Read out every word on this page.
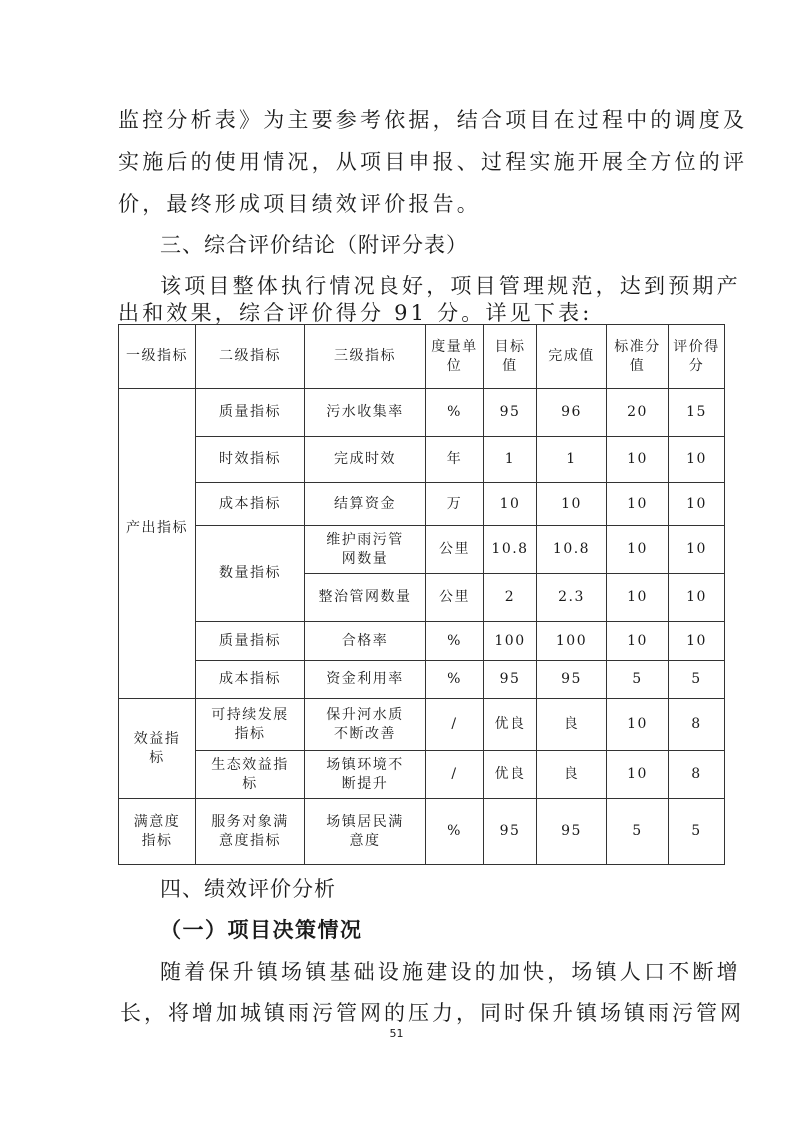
监控分析表》为主要参考依据，结合项目在过程中的调度及
实施后的使用情况，从项目申报、过程实施开展全方位的评
价，最终形成项目绩效评价报告。
三、综合评价结论（附评分表）
该项目整体执行情况良好，项目管理规范，达到预期产
出和效果，综合评价得分 91 分。详见下表:
一级指标	二级指标	三级指标	度量单位	目标值	完成值	标准分值	评价得分
产出指标	质量指标	污水收集率	%	95	96	20	15
	时效指标	完成时效	年	1	1	10	10
	成本指标	结算资金	万	10	10	10	10
	数量指标	维护雨污管网数量	公里	10.8	10.8	10	10
		整治管网数量	公里	2	2.3	10	10
	质量指标	合格率	%	100	100	10	10
	成本指标	资金利用率	%	95	95	5	5
效益指标	可持续发展指标	保升河水质不断改善	/	优良	良	10	8
	生态效益指标	场镇环境不断提升	/	优良	良	10	8
满意度指标	服务对象满意度指标	场镇居民满意度	%	95	95	5	5
四、绩效评价分析
（一）项目决策情况
随着保升镇场镇基础设施建设的加快，场镇人口不断增
长，将增加城镇雨污管网的压力，同时保升镇场镇雨污管网
51
